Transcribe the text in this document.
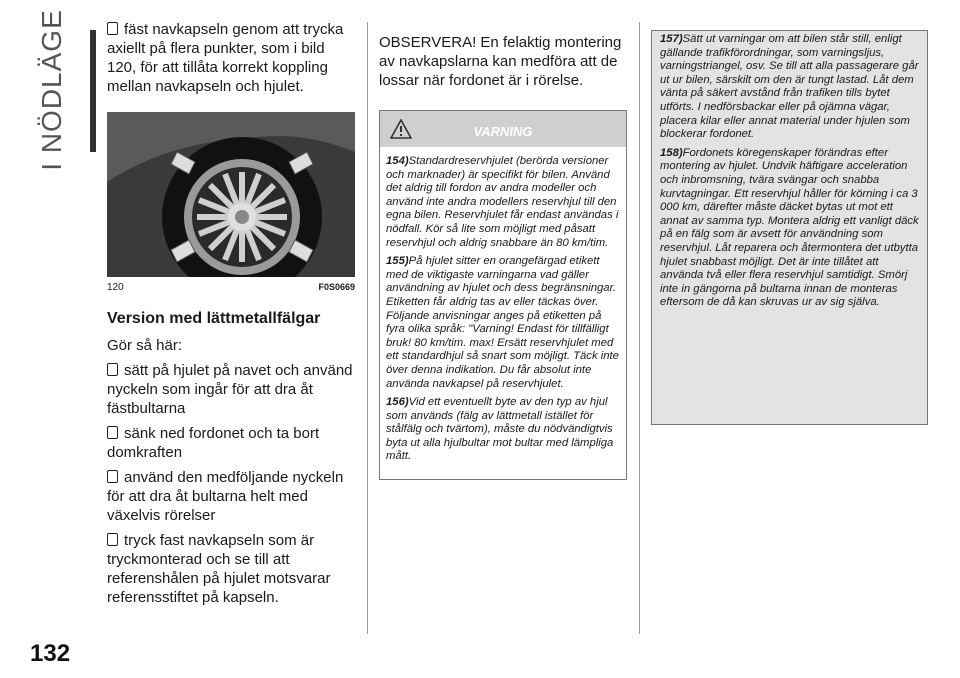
I NÖDLÄGE
132

fäst navkapseln genom att trycka axiellt på flera punkter, som i bild 120, för att tillåta korrekt koppling mellan navkapseln och hjulet.

120	F0S0669
Version med lättmetallfälgar

Gör så här:

sätt på hjulet på navet och använd nyckeln som ingår för att dra åt fästbultarna

sänk ned fordonet och ta bort domkraften

använd den medföljande nyckeln för att dra åt bultarna helt med växelvis rörelser

tryck fast navkapseln som är tryckmonterad och se till att referenshålen på hjulet motsvarar referensstiftet på kapseln.

OBSERVERA! En felaktig montering av navkapslarna kan medföra att de lossar när fordonet är i rörelse.

VARNING

154)Standardreservhjulet (berörda versioner och marknader) är specifikt för bilen. Använd det aldrig till fordon av andra modeller och använd inte andra modellers reservhjul till den egna bilen. Reservhjulet får endast användas i nödfall. Kör så lite som möjligt med påsatt reservhjul och aldrig snabbare än 80 km/tim.

155)På hjulet sitter en orangefärgad etikett med de viktigaste varningarna vad gäller användning av hjulet och dess begränsningar. Etiketten får aldrig tas av eller täckas över. Följande anvisningar anges på etiketten på fyra olika språk: "Varning! Endast för tillfälligt bruk! 80 km/tim. max! Ersätt reservhjulet med ett standardhjul så snart som möjligt. Täck inte över denna indikation. Du får absolut inte använda navkapsel på reservhjulet.

156)Vid ett eventuellt byte av den typ av hjul som används (fälg av lättmetall istället för stålfälg och tvärtom), måste du nödvändigtvis byta ut alla hjulbultar mot bultar med lämpliga mått.

157)Sätt ut varningar om att bilen står still, enligt gällande trafikförordningar, som varningsljus, varningstriangel, osv. Se till att alla passagerare går ut ur bilen, särskilt om den är tungt lastad. Låt dem vänta på säkert avstånd från trafiken tills bytet utförts. I nedförsbackar eller på ojämna vägar, placera kilar eller annat material under hjulen som blockerar fordonet.

158)Fordonets köregenskaper förändras efter montering av hjulet. Undvik häftigare acceleration och inbromsning, tvära svängar och snabba kurvtagningar. Ett reservhjul håller för körning i ca 3 000 km, därefter måste däcket bytas ut mot ett annat av samma typ. Montera aldrig ett vanligt däck på en fälg som är avsett för användning som reservhjul. Låt reparera och återmontera det utbytta hjulet snabbast möjligt. Det är inte tillåtet att använda två eller flera reservhjul samtidigt. Smörj inte in gängorna på bultarna innan de monteras eftersom de då kan skruvas ur av sig själva.
